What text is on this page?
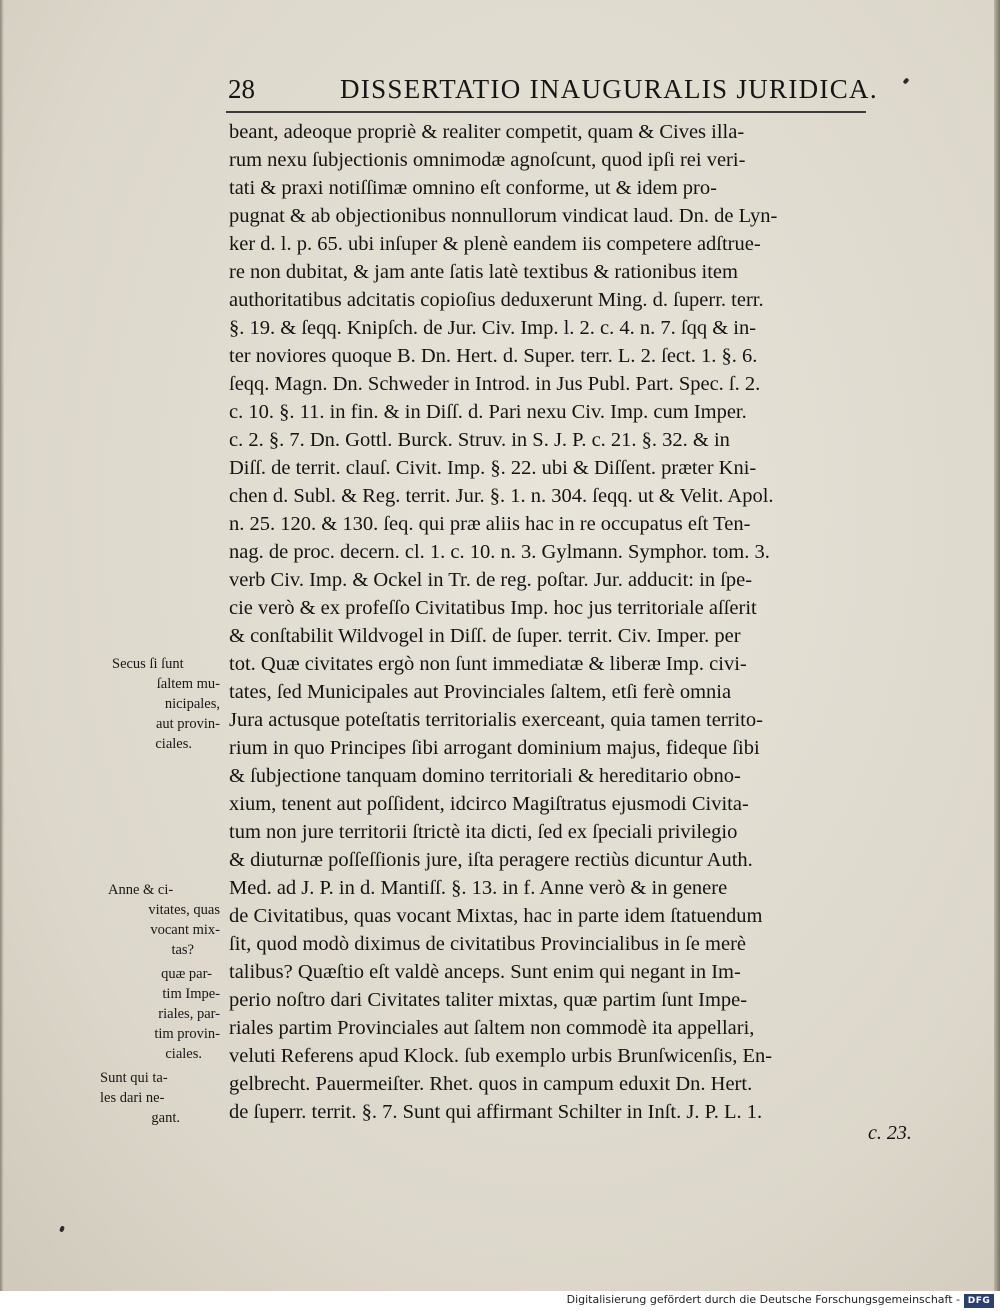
28	DISSERTATIO INAUGURALIS JURIDICA.
beant, adeoque propriè & realiter competit, quam & Cives illa-
rum nexu ſubjectionis omnimodæ agnoſcunt, quod ipſi rei veri-
tati & praxi notiſſimæ omnino eſt conforme, ut & idem pro-
pugnat & ab objectionibus nonnullorum vindicat laud. Dn. de Lyn-
ker d. l. p. 65. ubi inſuper & plenè eandem iis competere adſtrue-
re non dubitat, & jam ante ſatis latè textibus & rationibus item
authoritatibus adcitatis copioſius deduxerunt Ming. d. ſuperr. terr.
§. 19. & ſeqq. Knipſch. de Jur. Civ. Imp. l. 2. c. 4. n. 7. ſqq & in-
ter noviores quoque B. Dn. Hert. d. Super. terr. L. 2. ſect. 1. §. 6.
ſeqq. Magn. Dn. Schweder in Introd. in Jus Publ. Part. Spec. ſ. 2.
c. 10. §. 11. in fin. & in Diſſ. d. Pari nexu Civ. Imp. cum Imper.
c. 2. §. 7. Dn. Gottl. Burck. Struv. in S. J. P. c. 21. §. 32. & in
Diſſ. de territ. clauſ. Civit. Imp. §. 22. ubi & Diſſent. præter Kni-
chen d. Subl. & Reg. territ. Jur. §. 1. n. 304. ſeqq. ut & Velit. Apol.
n. 25. 120. & 130. ſeq. qui præ aliis hac in re occupatus eſt Ten-
nag. de proc. decern. cl. 1. c. 10. n. 3. Gylmann. Symphor. tom. 3.
verb Civ. Imp. & Ockel in Tr. de reg. poſtar. Jur. adducit: in ſpe-
cie verò & ex profeſſo Civitatibus Imp. hoc jus territoriale aſſerit
& conſtabilit Wildvogel in Diſſ. de ſuper. territ. Civ. Imper. per
tot. Quæ civitates ergò non ſunt immediatæ & liberæ Imp. civi-
tates, ſed Municipales aut Provinciales ſaltem, etſi ferè omnia
Jura actusque poteſtatis territorialis exerceant, quia tamen territo-
rium in quo Principes ſibi arrogant dominium majus, fideque ſibi
& ſubjectione tanquam domino territoriali & hereditario obno-
xium, tenent aut poſſident, idcirco Magiſtratus ejusmodi Civita-
tum non jure territorii ſtrictè ita dicti, ſed ex ſpeciali privilegio
& diuturnæ poſſeſſionis jure, iſta peragere rectiùs dicuntur Auth.
Med. ad J. P. in d. Mantiſſ. §. 13. in f. Anne verò & in genere
de Civitatibus, quas vocant Mixtas, hac in parte idem ſtatuendum
ſit, quod modò diximus de civitatibus Provincialibus in ſe merè
talibus? Quæſtio eſt valdè anceps. Sunt enim qui negant in Im-
perio noſtro dari Civitates taliter mixtas, quæ partim ſunt Impe-
riales partim Provinciales aut ſaltem non commodè ita appellari,
veluti Referens apud Klock. ſub exemplo urbis Brunſwicenſis, En-
gelbrecht. Pauermeiſter. Rhet. quos in campum eduxit Dn. Hert.
de ſuperr. territ. §. 7. Sunt qui affirmant Schilter in Inſt. J. P. L. 1.
c. 23.
Secus ſi ſunt
ſaltem mu-
nicipales,
aut provin-
ciales.
Anne & ci-
vitates, quas
vocant mix-
tas?
quæ par-
tim Impe-
riales, par-
tim provin-
ciales.
Sunt qui ta-
les dari ne-
gant.
Digitalisierung gefördert durch die Deutsche Forschungsgemeinschaft - DFG
